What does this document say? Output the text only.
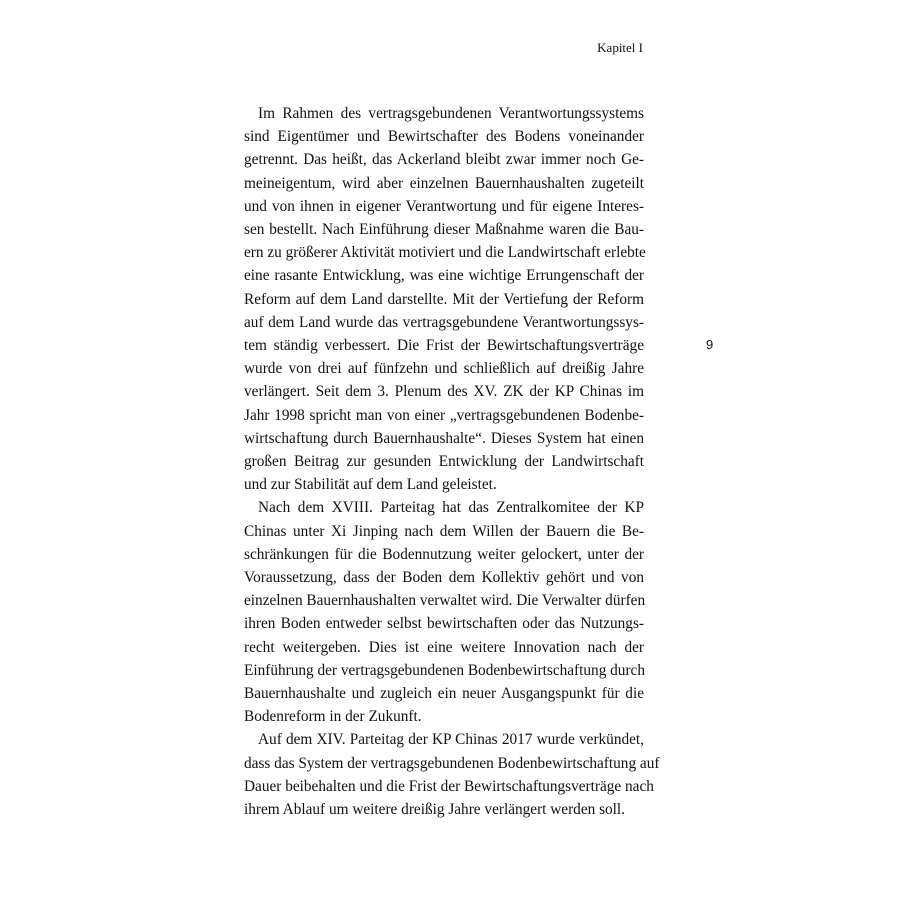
Kapitel I
9

Im Rahmen des vertragsgebundenen Verantwortungssystems
sind Eigentümer und Bewirtschafter des Bodens voneinander
getrennt. Das heißt, das Ackerland bleibt zwar immer noch Ge-
meineigentum, wird aber einzelnen Bauernhaushalten zugeteilt
und von ihnen in eigener Verantwortung und für eigene Interes-
sen bestellt. Nach Einführung dieser Maßnahme waren die Bau-
ern zu größerer Aktivität motiviert und die Landwirtschaft erlebte
eine rasante Entwicklung, was eine wichtige Errungenschaft der
Reform auf dem Land darstellte. Mit der Vertiefung der Reform
auf dem Land wurde das vertragsgebundene Verantwortungssys-
tem ständig verbessert. Die Frist der Bewirtschaftungsverträge
wurde von drei auf fünfzehn und schließlich auf dreißig Jahre
verlängert. Seit dem 3. Plenum des XV. ZK der KP Chinas im
Jahr 1998 spricht man von einer „vertragsgebundenen Bodenbe-
wirtschaftung durch Bauernhaushalte“. Dieses System hat einen
großen Beitrag zur gesunden Entwicklung der Landwirtschaft
und zur Stabilität auf dem Land geleistet.

Nach dem XVIII. Parteitag hat das Zentralkomitee der KP
Chinas unter Xi Jinping nach dem Willen der Bauern die Be-
schränkungen für die Bodennutzung weiter gelockert, unter der
Voraussetzung, dass der Boden dem Kollektiv gehört und von
einzelnen Bauernhaushalten verwaltet wird. Die Verwalter dürfen
ihren Boden entweder selbst bewirtschaften oder das Nutzungs-
recht weitergeben. Dies ist eine weitere Innovation nach der
Einführung der vertragsgebundenen Bodenbewirtschaftung durch
Bauernhaushalte und zugleich ein neuer Ausgangspunkt für die
Bodenreform in der Zukunft.

Auf dem XIV. Parteitag der KP Chinas 2017 wurde verkündet,
dass das System der vertragsgebundenen Bodenbewirtschaftung auf
Dauer beibehalten und die Frist der Bewirtschaftungsverträge nach
ihrem Ablauf um weitere dreißig Jahre verlängert werden soll.
